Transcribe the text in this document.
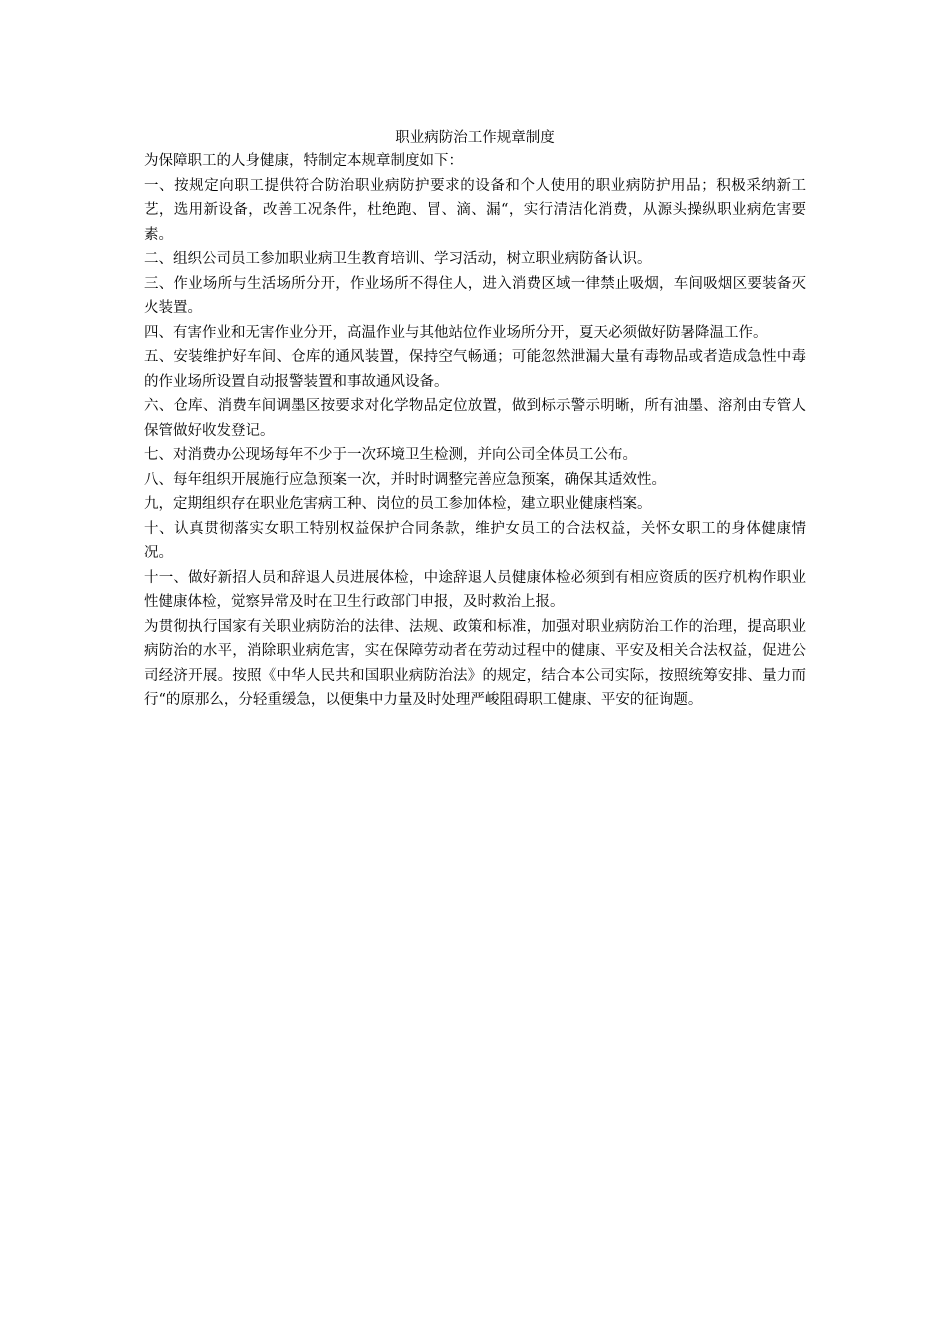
职业病防治工作规章制度

为保障职工的人身健康，特制定本规章制度如下：

一、按规定向职工提供符合防治职业病防护要求的设备和个人使用的职业病防护用品；积极采纳新工艺，选用新设备，改善工况条件，杜绝跑、冒、滴、漏“，实行清洁化消费，从源头操纵职业病危害要素。

二、组织公司员工参加职业病卫生教育培训、学习活动，树立职业病防备认识。

三、作业场所与生活场所分开，作业场所不得住人，进入消费区域一律禁止吸烟，车间吸烟区要装备灭火装置。

四、有害作业和无害作业分开，高温作业与其他站位作业场所分开，夏天必须做好防暑降温工作。

五、安装维护好车间、仓库的通风装置，保持空气畅通；可能忽然泄漏大量有毒物品或者造成急性中毒的作业场所设置自动报警装置和事故通风设备。

六、仓库、消费车间调墨区按要求对化学物品定位放置，做到标示警示明晰，所有油墨、溶剂由专管人保管做好收发登记。

七、对消费办公现场每年不少于一次环境卫生检测，并向公司全体员工公布。

八、每年组织开展施行应急预案一次，并时时调整完善应急预案，确保其适效性。

九，定期组织存在职业危害病工种、岗位的员工参加体检，建立职业健康档案。

十、认真贯彻落实女职工特别权益保护合同条款，维护女员工的合法权益，关怀女职工的身体健康情况。

十一、做好新招人员和辞退人员进展体检，中途辞退人员健康体检必须到有相应资质的医疗机构作职业性健康体检，觉察异常及时在卫生行政部门申报，及时救治上报。

为贯彻执行国家有关职业病防治的法律、法规、政策和标准，加强对职业病防治工作的治理，提高职业病防治的水平，消除职业病危害，实在保障劳动者在劳动过程中的健康、平安及相关合法权益，促进公司经济开展。按照《中华人民共和国职业病防治法》的规定，结合本公司实际，按照统筹安排、量力而行“的原那么，分轻重缓急，以便集中力量及时处理严峻阻碍职工健康、平安的征询题。
